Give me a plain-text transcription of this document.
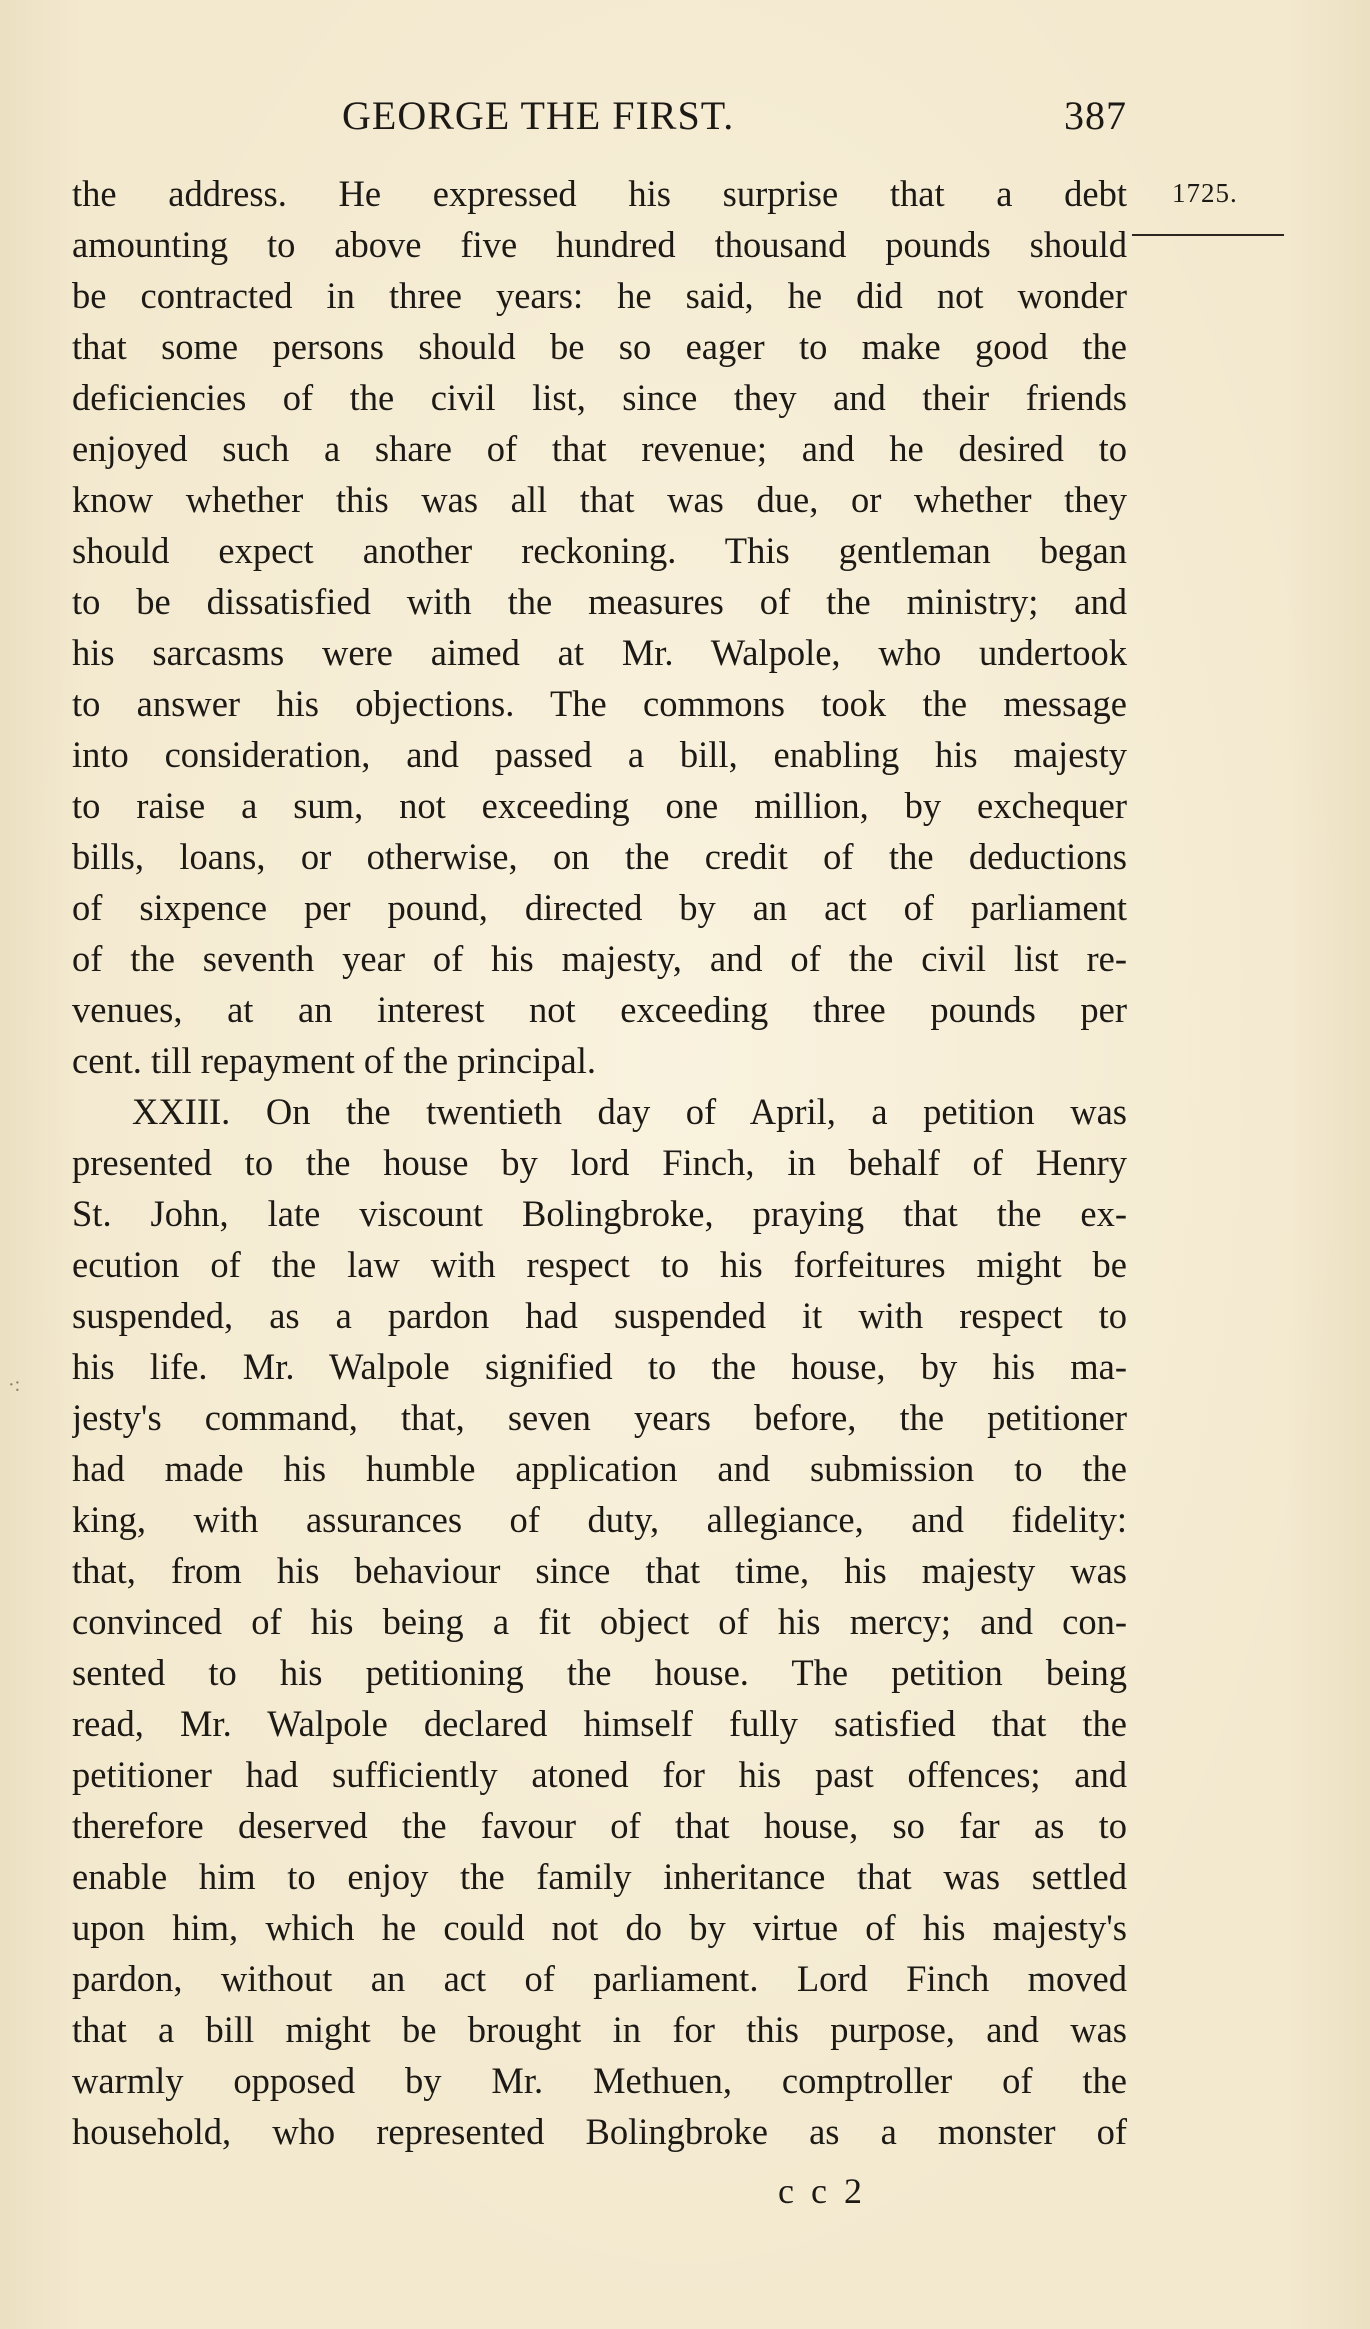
GEORGE THE FIRST.	387
1725.
the address. He expressed his surprise that a debt
amounting to above five hundred thousand pounds should
be contracted in three years: he said, he did not wonder
that some persons should be so eager to make good the
deficiencies of the civil list, since they and their friends
enjoyed such a share of that revenue; and he desired to
know whether this was all that was due, or whether they
should expect another reckoning. This gentleman began
to be dissatisfied with the measures of the ministry; and
his sarcasms were aimed at Mr. Walpole, who undertook
to answer his objections. The commons took the message
into consideration, and passed a bill, enabling his majesty
to raise a sum, not exceeding one million, by exchequer
bills, loans, or otherwise, on the credit of the deductions
of sixpence per pound, directed by an act of parliament
of the seventh year of his majesty, and of the civil list re-
venues, at an interest not exceeding three pounds per
cent. till repayment of the principal.
XXIII. On the twentieth day of April, a petition was
presented to the house by lord Finch, in behalf of Henry
St. John, late viscount Bolingbroke, praying that the ex-
ecution of the law with respect to his forfeitures might be
suspended, as a pardon had suspended it with respect to
his life. Mr. Walpole signified to the house, by his ma-
jesty's command, that, seven years before, the petitioner
had made his humble application and submission to the
king, with assurances of duty, allegiance, and fidelity:
that, from his behaviour since that time, his majesty was
convinced of his being a fit object of his mercy; and con-
sented to his petitioning the house. The petition being
read, Mr. Walpole declared himself fully satisfied that the
petitioner had sufficiently atoned for his past offences; and
therefore deserved the favour of that house, so far as to
enable him to enjoy the family inheritance that was settled
upon him, which he could not do by virtue of his majesty's
pardon, without an act of parliament. Lord Finch moved
that a bill might be brought in for this purpose, and was
warmly opposed by Mr. Methuen, comptroller of the
household, who represented Bolingbroke as a monster of
c c 2
·:
